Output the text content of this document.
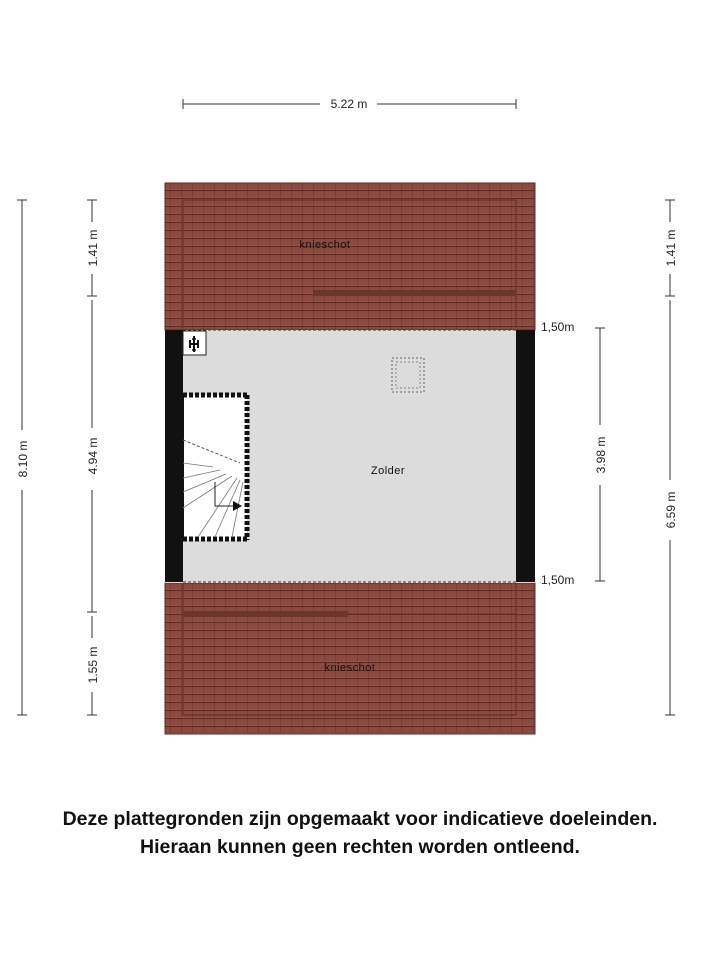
5.22 m
8.10 m
1.41 m
4.94 m
1.55 m
1.41 m
6.59 m
3.98 m
knieschot
knieschot
Zolder
1,50m
1,50m
Deze plattegronden zijn opgemaakt voor indicatieve doeleinden.
Hieraan kunnen geen rechten worden ontleend.
